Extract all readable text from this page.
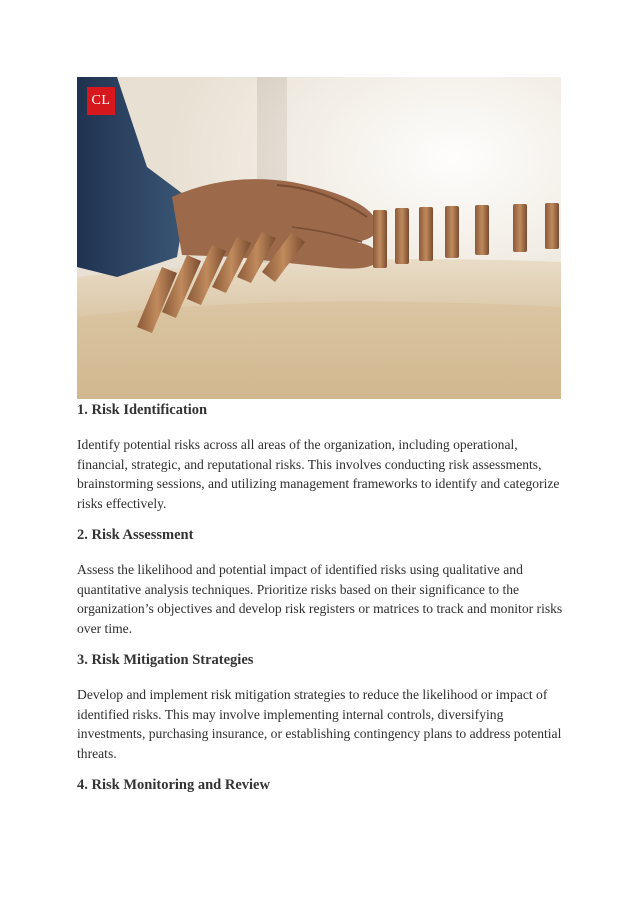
CL
1. Risk Identification

Identify potential risks across all areas of the organization, including operational, financial, strategic, and reputational risks. This involves conducting risk assessments, brainstorming sessions, and utilizing management frameworks to identify and categorize risks effectively.

2. Risk Assessment

Assess the likelihood and potential impact of identified risks using qualitative and quantitative analysis techniques. Prioritize risks based on their significance to the organization’s objectives and develop risk registers or matrices to track and monitor risks over time.

3. Risk Mitigation Strategies

Develop and implement risk mitigation strategies to reduce the likelihood or impact of identified risks. This may involve implementing internal controls, diversifying investments, purchasing insurance, or establishing contingency plans to address potential threats.

4. Risk Monitoring and Review
